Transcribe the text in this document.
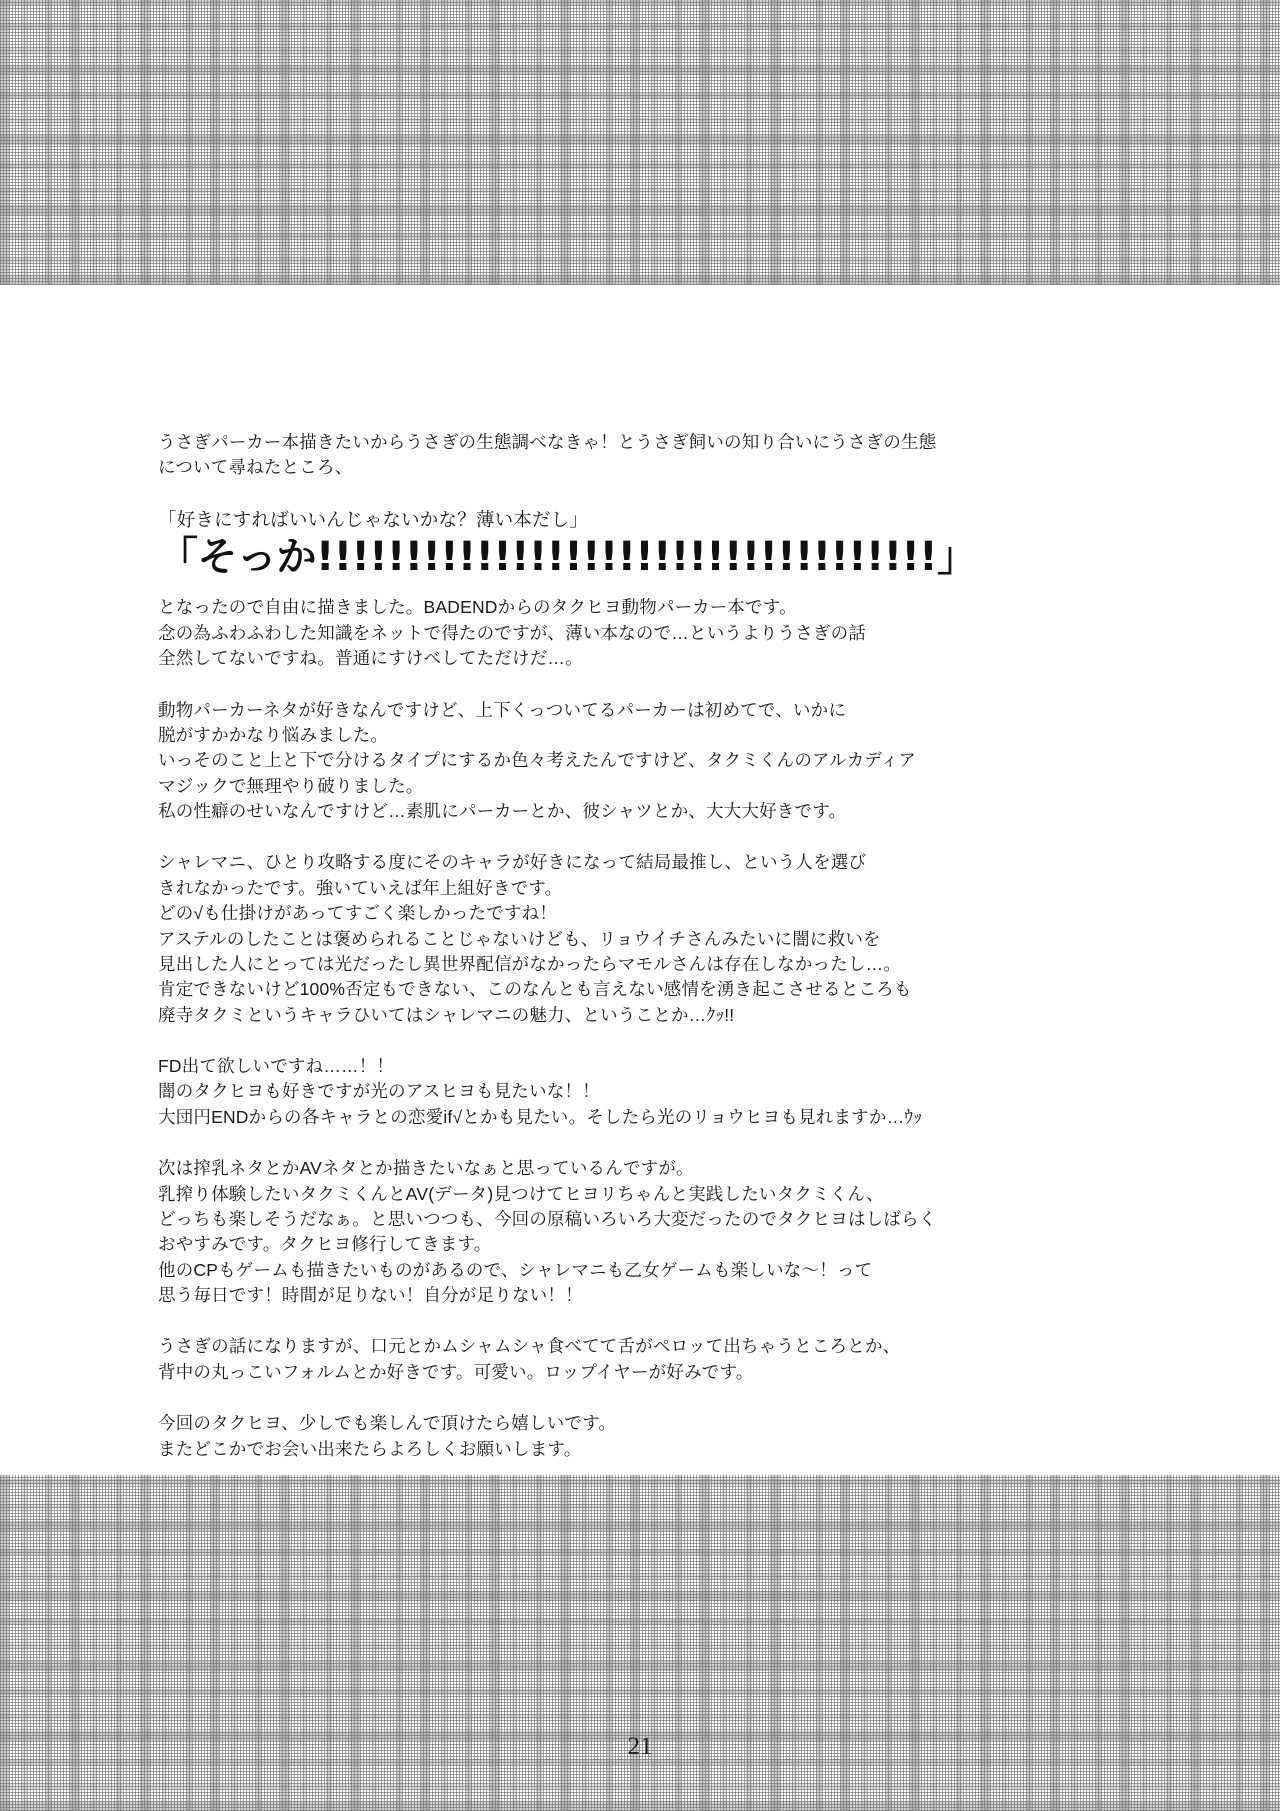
うさぎパーカー本描きたいからうさぎの生態調べなきゃ！とうさぎ飼いの知り合いにうさぎの生態
について尋ねたところ、

「好きにすればいいんじゃないかな？薄い本だし」

「そっか!!!!!!!!!!!!!!!!!!!!!!!!!!!!!!!!!!!」

となったので自由に描きました。BADENDからのタクヒヨ動物パーカー本です。
念の為ふわふわした知識をネットで得たのですが、薄い本なので…というよりうさぎの話
全然してないですね。普通にすけべしてただけだ…。

動物パーカーネタが好きなんですけど、上下くっついてるパーカーは初めてで、いかに
脱がすかかなり悩みました。
いっそのこと上と下で分けるタイプにするか色々考えたんですけど、タクミくんのアルカディア
マジックで無理やり破りました。
私の性癖のせいなんですけど…素肌にパーカーとか、彼シャツとか、大大大好きです。

シャレマニ、ひとり攻略する度にそのキャラが好きになって結局最推し、という人を選び
きれなかったです。強いていえば年上組好きです。
どの√も仕掛けがあってすごく楽しかったですね！
アステルのしたことは褒められることじゃないけども、リョウイチさんみたいに闇に救いを
見出した人にとっては光だったし異世界配信がなかったらマモルさんは存在しなかったし…。
肯定できないけど100%否定もできない、このなんとも言えない感情を湧き起こさせるところも
廃寺タクミというキャラひいてはシャレマニの魅力、ということか…ｸｯ!!

FD出て欲しいですね……！！
闇のタクヒヨも好きですが光のアスヒヨも見たいな！！
大団円ENDからの各キャラとの恋愛if√とかも見たい。そしたら光のリョウヒヨも見れますか…ｳｯ

次は搾乳ネタとかAVネタとか描きたいなぁと思っているんですが。
乳搾り体験したいタクミくんとAV(データ)見つけてヒヨリちゃんと実践したいタクミくん、
どっちも楽しそうだなぁ。と思いつつも、今回の原稿いろいろ大変だったのでタクヒヨはしばらく
おやすみです。タクヒヨ修行してきます。
他のCPもゲームも描きたいものがあるので、シャレマニも乙女ゲームも楽しいな〜！って
思う毎日です！時間が足りない！自分が足りない！！

うさぎの話になりますが、口元とかムシャムシャ食べてて舌がペロッて出ちゃうところとか、
背中の丸っこいフォルムとか好きです。可愛い。ロップイヤーが好みです。

今回のタクヒヨ、少しでも楽しんで頂けたら嬉しいです。
またどこかでお会い出来たらよろしくお願いします。

21
